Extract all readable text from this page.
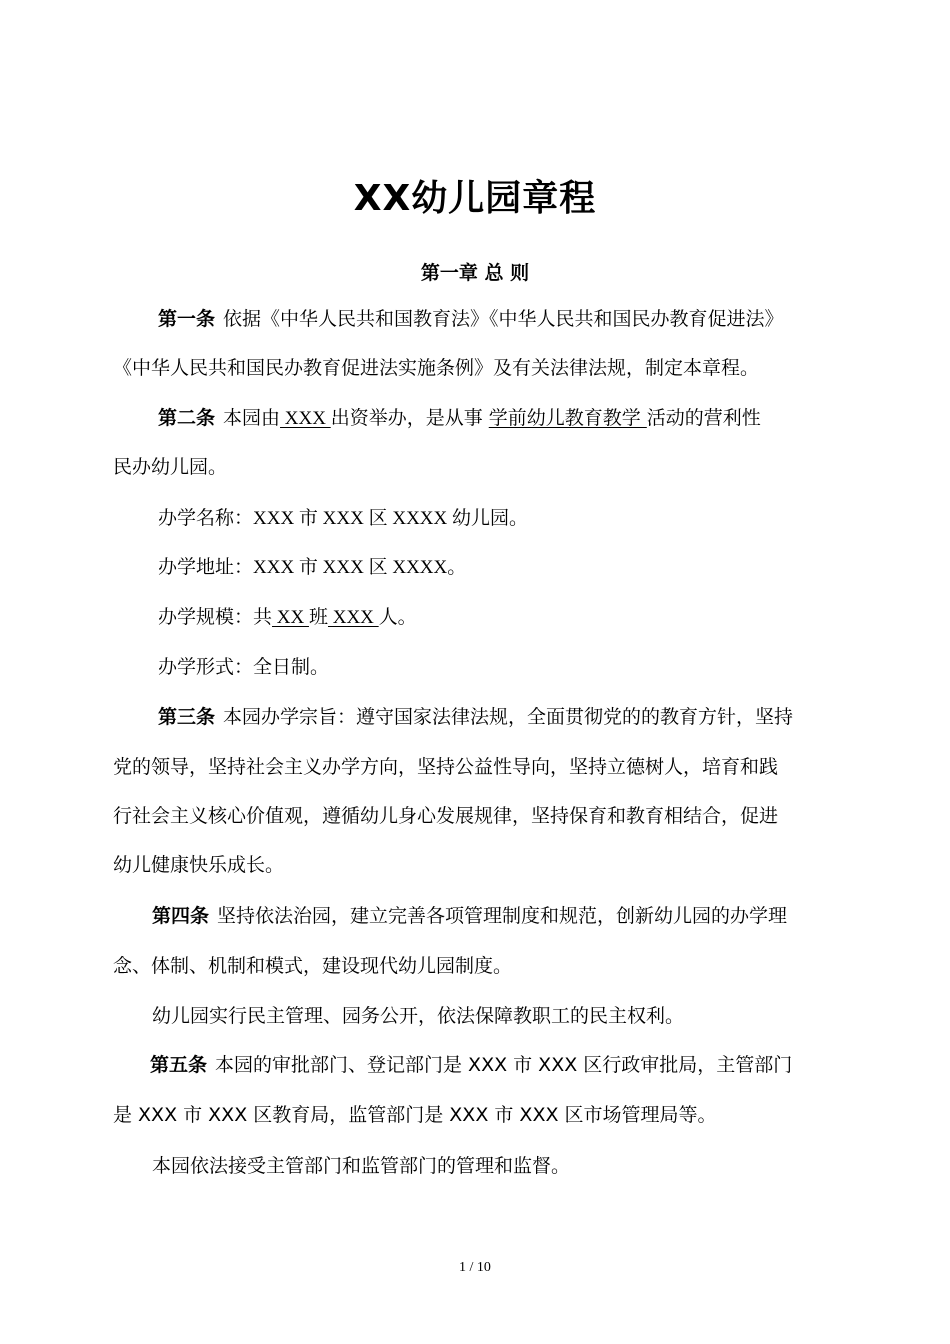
XX幼儿园章程
第一章 总 则
第一条 依据《中华人民共和国教育法》《中华人民共和国民办教育促进法》
《中华人民共和国民办教育促进法实施条例》及有关法律法规，制定本章程。
第二条 本园由 XXX 出资举办，是从事 学前幼儿教育教学 活动的营利性
民办幼儿园。
办学名称：XXX 市 XXX 区 XXXX 幼儿园。
办学地址：XXX 市 XXX 区 XXXX。
办学规模：共 XX 班 XXX 人。
办学形式：全日制。
第三条 本园办学宗旨：遵守国家法律法规，全面贯彻党的的教育方针，坚持
党的领导，坚持社会主义办学方向，坚持公益性导向，坚持立德树人，培育和践
行社会主义核心价值观，遵循幼儿身心发展规律，坚持保育和教育相结合，促进
幼儿健康快乐成长。
第四条 坚持依法治园，建立完善各项管理制度和规范，创新幼儿园的办学理
念、体制、机制和模式，建设现代幼儿园制度。
幼儿园实行民主管理、园务公开，依法保障教职工的民主权利。
第五条 本园的审批部门、登记部门是 XXX 市 XXX 区行政审批局，主管部门
是 XXX 市 XXX 区教育局，监管部门是 XXX 市 XXX 区市场管理局等。
本园依法接受主管部门和监管部门的管理和监督。
1 / 10
